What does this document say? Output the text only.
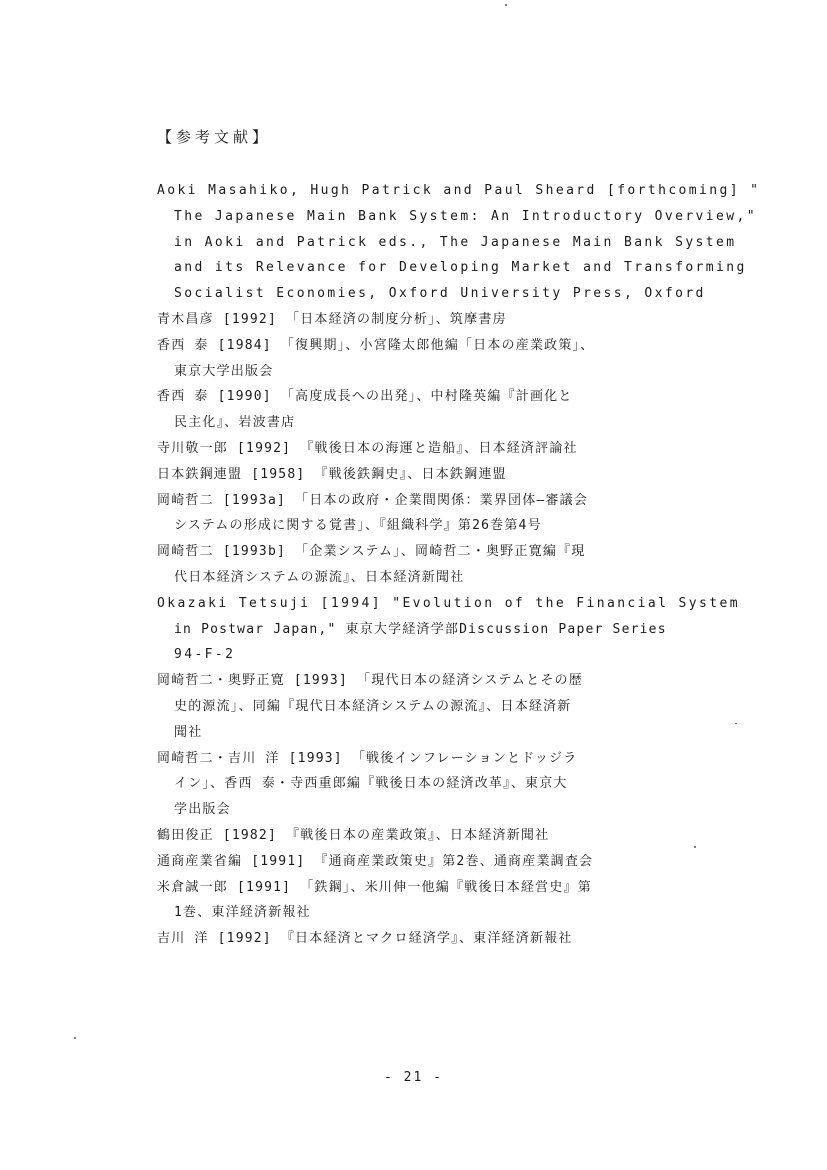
【参考文献】
Aoki Masahiko, Hugh Patrick and Paul Sheard [forthcoming] "
The Japanese Main Bank System: An Introductory Overview,"
in Aoki and Patrick eds., The Japanese Main Bank System
and its Relevance for Developing Market and Transforming
Socialist Economies, Oxford University Press, Oxford
青木昌彦 [1992] 「日本経済の制度分析」、筑摩書房
香西 泰 [1984] 「復興期」、小宮隆太郎他編「日本の産業政策」、
東京大学出版会
香西 泰 [1990] 「高度成長への出発」、中村隆英編『計画化と
民主化』、岩波書店
寺川敬一郎 [1992] 『戦後日本の海運と造船』、日本経済評論社
日本鉄鋼連盟 [1958] 『戦後鉄鋼史』、日本鉄鋼連盟
岡崎哲二 [1993a] 「日本の政府・企業間関係：業界団体―審議会
システムの形成に関する覚書」、『組織科学』第26巻第4号
岡崎哲二 [1993b] 「企業システム」、岡崎哲二・奥野正寛編『現
代日本経済システムの源流』、日本経済新聞社
Okazaki Tetsuji [1994] "Evolution of the Financial System
in Postwar Japan," 東京大学経済学部Discussion Paper Series
94-F-2
岡崎哲二・奥野正寛 [1993] 「現代日本の経済システムとその歴
史的源流」、同編『現代日本経済システムの源流』、日本経済新
聞社
岡崎哲二・吉川 洋 [1993] 「戦後インフレーションとドッジラ
イン」、香西 泰・寺西重郎編『戦後日本の経済改革』、東京大
学出版会
鶴田俊正 [1982] 『戦後日本の産業政策』、日本経済新聞社
通商産業省編 [1991] 『通商産業政策史』第2巻、通商産業調査会
米倉誠一郎 [1991] 「鉄鋼」、米川伸一他編『戦後日本経営史』第
1巻、東洋経済新報社
吉川 洋 [1992] 『日本経済とマクロ経済学』、東洋経済新報社
- 21 -
